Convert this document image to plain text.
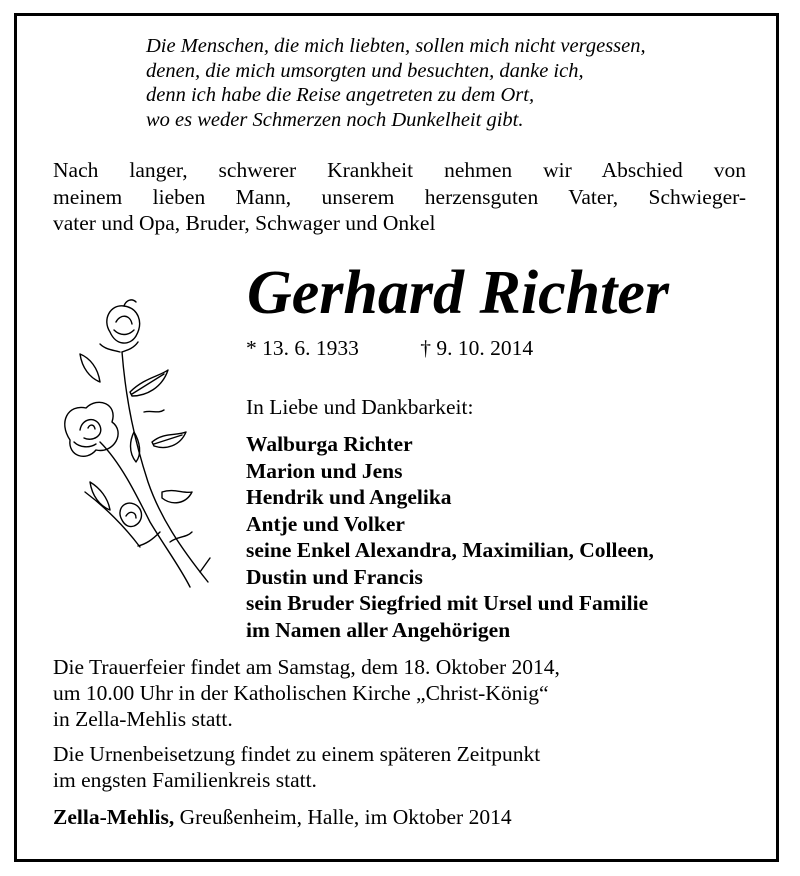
Die Menschen, die mich liebten, sollen mich nicht vergessen,
denen, die mich umsorgten und besuchten, danke ich,
denn ich habe die Reise angetreten zu dem Ort,
wo es weder Schmerzen noch Dunkelheit gibt.
Nach langer, schwerer Krankheit nehmen wir Abschied von
meinem lieben Mann, unserem herzensguten Vater, Schwieger-
vater und Opa, Bruder, Schwager und Onkel
Gerhard Richter
* 13. 6. 1933	† 9. 10. 2014
In Liebe und Dankbarkeit:
Walburga Richter
Marion und Jens
Hendrik und Angelika
Antje und Volker
seine Enkel Alexandra, Maximilian, Colleen,
Dustin und Francis
sein Bruder Siegfried mit Ursel und Familie
im Namen aller Angehörigen
Die Trauerfeier findet am Samstag, dem 18. Oktober 2014,
um 10.00 Uhr in der Katholischen Kirche „Christ-König“
in Zella-Mehlis statt.
Die Urnenbeisetzung findet zu einem späteren Zeitpunkt
im engsten Familienkreis statt.
Zella-Mehlis, Greußenheim, Halle, im Oktober 2014
